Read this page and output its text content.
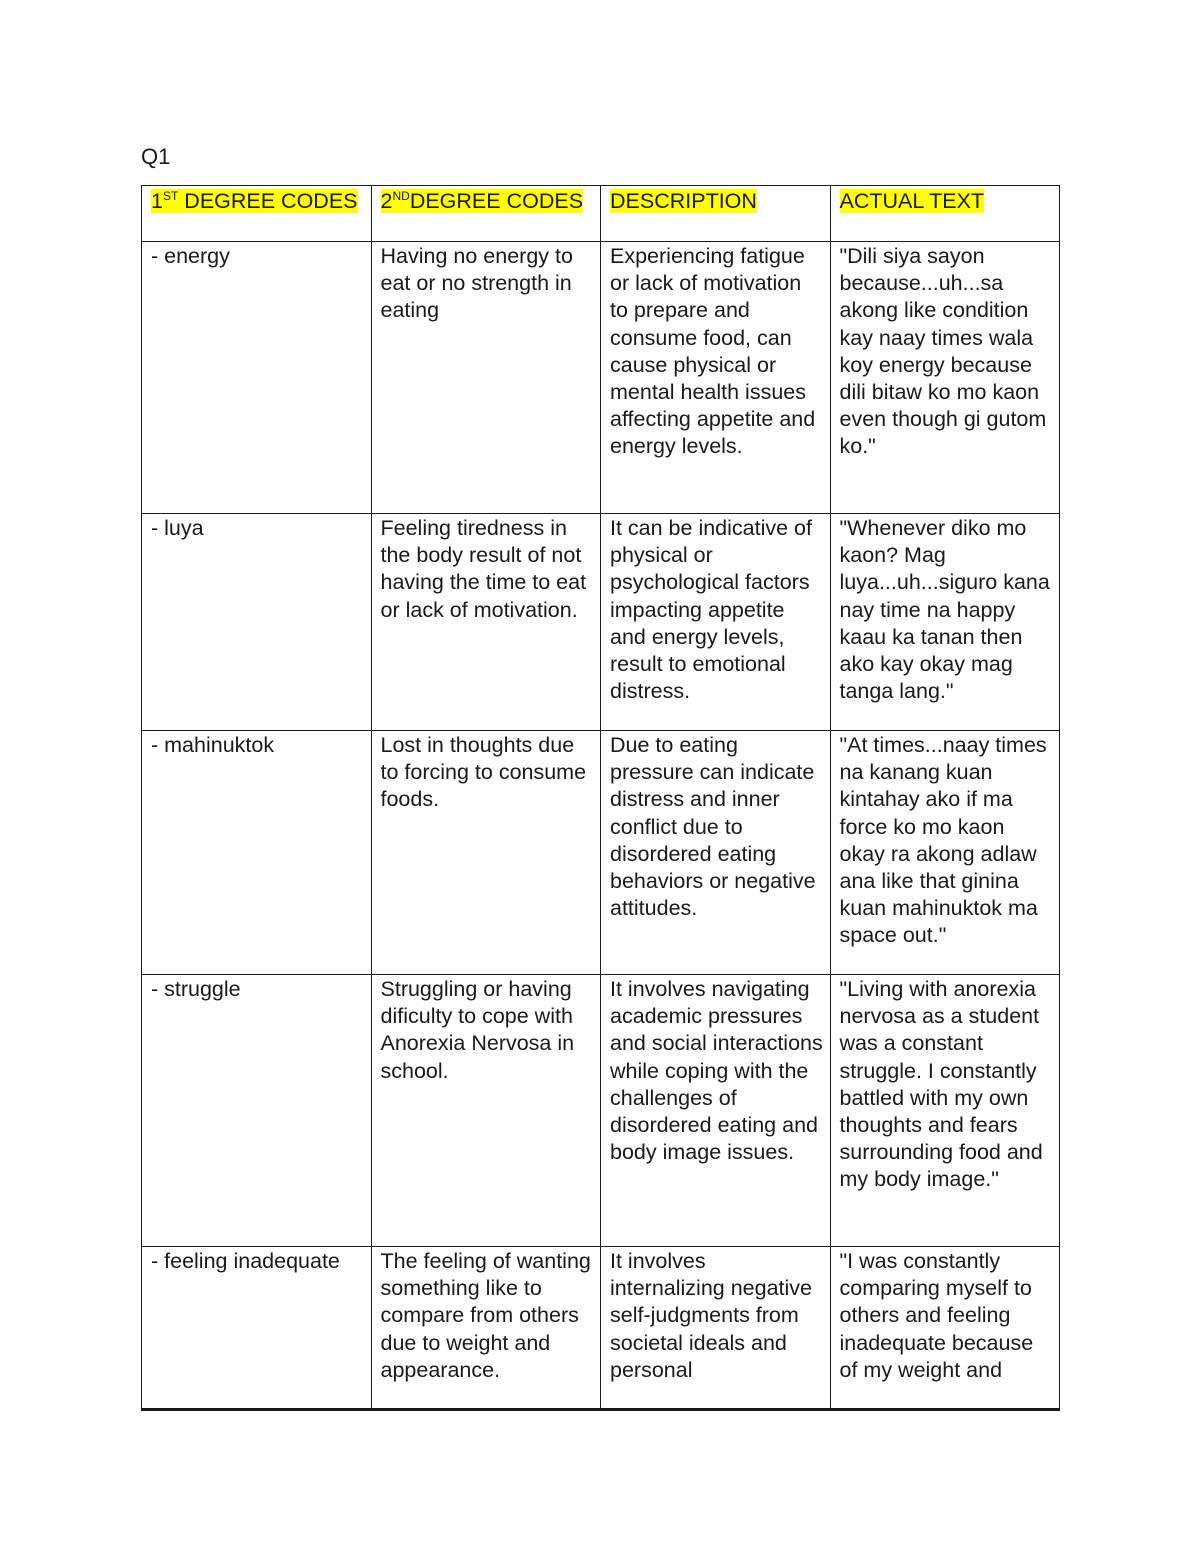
Q1
1ST DEGREE CODES	2NDDEGREE CODES	DESCRIPTION	ACTUAL TEXT
- energy	Having no energy to eat or no strength in eating	Experiencing fatigue or lack of motivation to prepare and consume food, can cause physical or mental health issues affecting appetite and energy levels.	"Dili siya sayon because...uh...sa akong like condition kay naay times wala koy energy because dili bitaw ko mo kaon even though gi gutom ko."
- luya	Feeling tiredness in the body result of not having the time to eat or lack of motivation.	It can be indicative of physical or psychological factors impacting appetite and energy levels, result to emotional distress.	"Whenever diko mo kaon? Mag luya...uh...siguro kana nay time na happy kaau ka tanan then ako kay okay mag tanga lang."
- mahinuktok	Lost in thoughts due to forcing to consume foods.	Due to eating pressure can indicate distress and inner conflict due to disordered eating behaviors or negative attitudes.	"At times...naay times na kanang kuan kintahay ako if ma force ko mo kaon okay ra akong adlaw ana like that ginina kuan mahinuktok ma space out."
- struggle	Struggling or having dificulty to cope with Anorexia Nervosa in school.	It involves navigating academic pressures and social interactions while coping with the challenges of disordered eating and body image issues.	"Living with anorexia nervosa as a student was a constant struggle. I constantly battled with my own thoughts and fears surrounding food and my body image."
- feeling inadequate	The feeling of wanting something like to compare from others due to weight and appearance.	It involves internalizing negative self-judgments from societal ideals and personal	"I was constantly comparing myself to others and feeling inadequate because of my weight and
